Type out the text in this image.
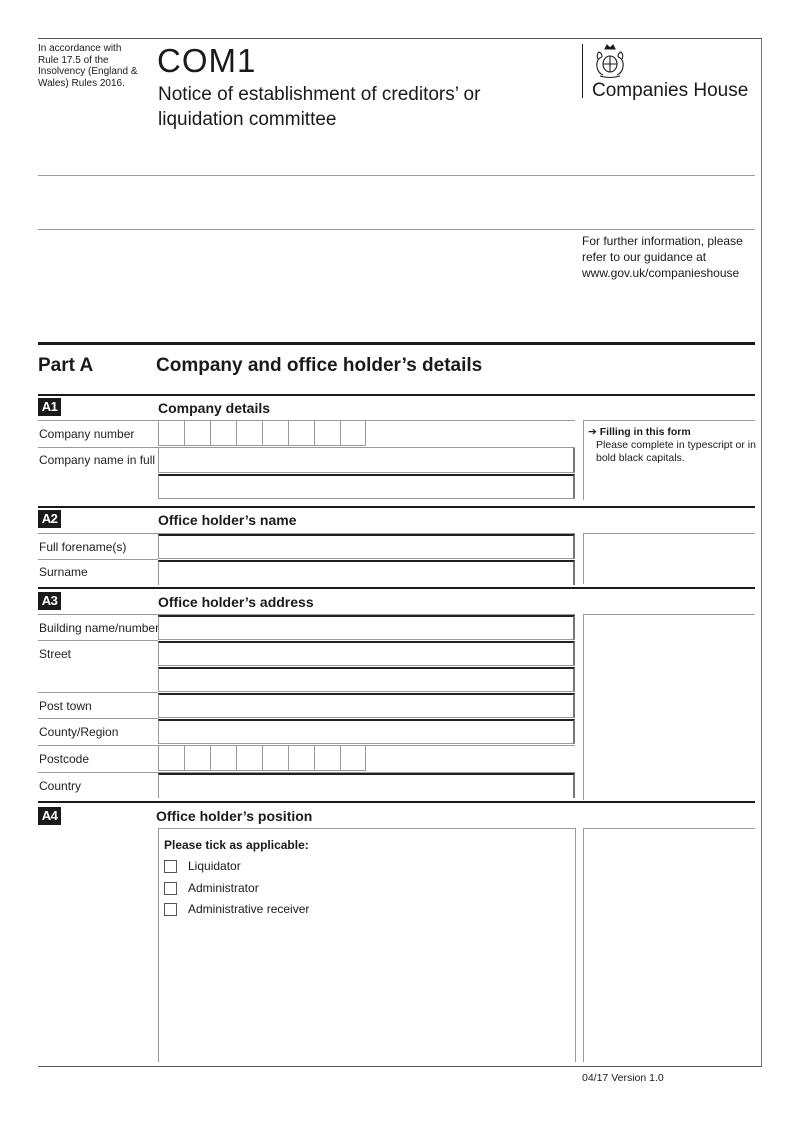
In accordance with
Rule 17.5 of the
Insolvency (England &
Wales) Rules 2016.
COM1
Notice of establishment of creditors’ or
liquidation committee
Companies House
For further information, please
refer to our guidance at
www.gov.uk/companieshouse
Part A	Company and office holder’s details
A1	Company details
Company number
Company name in full
➔ Filling in this form
Please complete in typescript or in
bold black capitals.
A2	Office holder’s name
Full forename(s)
Surname
A3	Office holder’s address
Building name/number
Street
Post town
County/Region
Postcode
Country
A4	Office holder’s position
Please tick as applicable:
Liquidator
Administrator
Administrative receiver
04/17 Version 1.0
